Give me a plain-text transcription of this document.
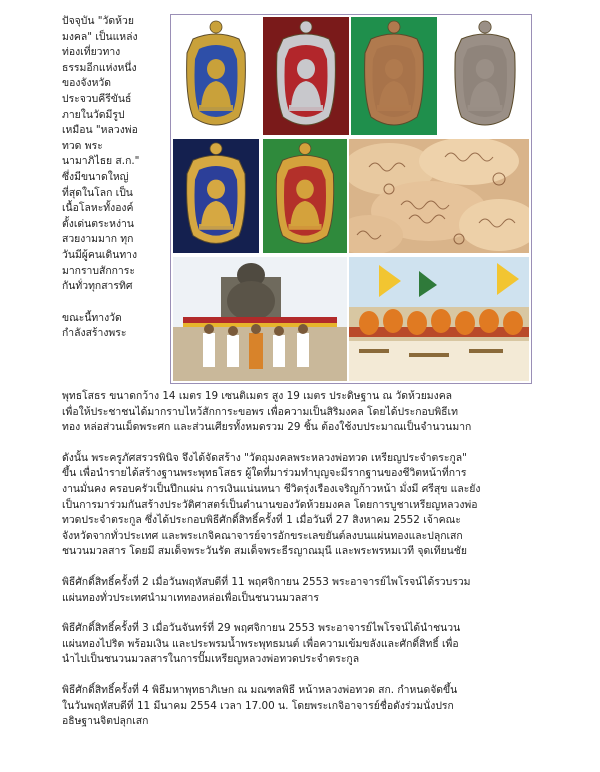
ปัจจุบัน "วัดห้วย

มงคล" เป็นแหล่ง

ท่องเที่ยวทาง

ธรรมอีกแห่งหนึ่ง

ของจังหวัด

ประจวบคีรีขันธ์

ภายในวัดมีรูป

เหมือน "หลวงพ่อ

ทวด พระ

นามาภิไธย ส.ก."

ซึ่งมีขนาดใหญ่

ที่สุดในโลก เป็น

เนื้อโลหะทั้งองค์

ตั้งเด่นตระหง่าน

สวยงามมาก ทุก

วันมีผู้คนเดินทาง

มากราบสักการะ

กันทั่วทุกสารทิศ

ขณะนี้ทางวัด

กำลังสร้างพระ

พุทธโสธร ขนาดกว้าง 14 เมตร 19 เซนติเมตร สูง 19 เมตร ประดิษฐาน ณ วัดห้วยมงคล

เพื่อให้ประชาชนได้มากราบไหว้สักการะขอพร เพื่อความเป็นสิริมงคล โดยได้ประกอบพิธีเท

ทอง หล่อส่วนเม็ดพระศก และส่วนเศียรทั้งหมดรวม 29 ชิ้น ต้องใช้งบประมาณเป็นจำนวนมาก

ดังนั้น พระครูภัศสรวรพินิจ จึงได้จัดสร้าง "วัตถุมงคลพระหลวงพ่อทวด เหรียญประจำตระกูล"

ขึ้น เพื่อนำรายได้สร้างฐานพระพุทธโสธร ผู้ใดที่มาร่วมทำบุญจะมีรากฐานของชีวิตหน้าที่การ

งานมั่นคง ครอบครัวเป็นปึกแผ่น การเงินแน่นหนา ชีวิตรุ่งเรืองเจริญก้าวหน้า มั่งมี ศรีสุข และยัง

เป็นการมาร่วมกันสร้างประวัติศาสตร์เป็นตำนานของวัดห้วยมงคล โดยการบูชาเหรียญหลวงพ่อ

ทวดประจำตระกูล ซึ่งได้ประกอบพิธีศักดิ์สิทธิ์ครั้งที่ 1 เมื่อวันที่ 27 สิงหาคม 2552 เจ้าคณะ

จังหวัดจากทั่วประเทศ และพระเกจิคณาจารย์จารอักขระเลขยันต์ลงบนแผ่นทองและปลุกเสก

ชนวนมวลสาร โดยมี สมเด็จพระวันรัต สมเด็จพระธีรญาณมุนี และพระพรหมเวที จุดเทียนชัย

พิธีศักดิ์สิทธิ์ครั้งที่ 2 เมื่อวันพฤหัสบดีที่ 11 พฤศจิกายน 2553 พระอาจารย์ไพโรจน์ได้รวบรวม

แผ่นทองทั่วประเทศนำมาเททองหล่อเพื่อเป็นชนวนมวลสาร

พิธีศักดิ์สิทธิ์ครั้งที่ 3 เมื่อวันจันทร์ที่ 29 พฤศจิกายน 2553 พระอาจารย์ไพโรจน์ได้นำชนวน

แผ่นทองไปริต พร้อมเงิน และประพรมน้ำพระพุทธมนต์ เพื่อความเข้มขลังและศักดิ์สิทธิ์ เพื่อ

นำไปเป็นชนวนมวลสารในการปั๊มเหรียญหลวงพ่อทวดประจำตระกูล

พิธีศักดิ์สิทธิ์ครั้งที่ 4 พิธีมหาพุทธาภิเษก ณ มณฑลพิธี หน้าหลวงพ่อทวด สก. กำหนดจัดขึ้น

ในวันพฤหัสบดีที่ 11 มีนาคม 2554 เวลา 17.00 น. โดยพระเกจิอาจารย์ชื่อดังร่วมนั่งปรก

อธิษฐานจิตปลุกเสก
